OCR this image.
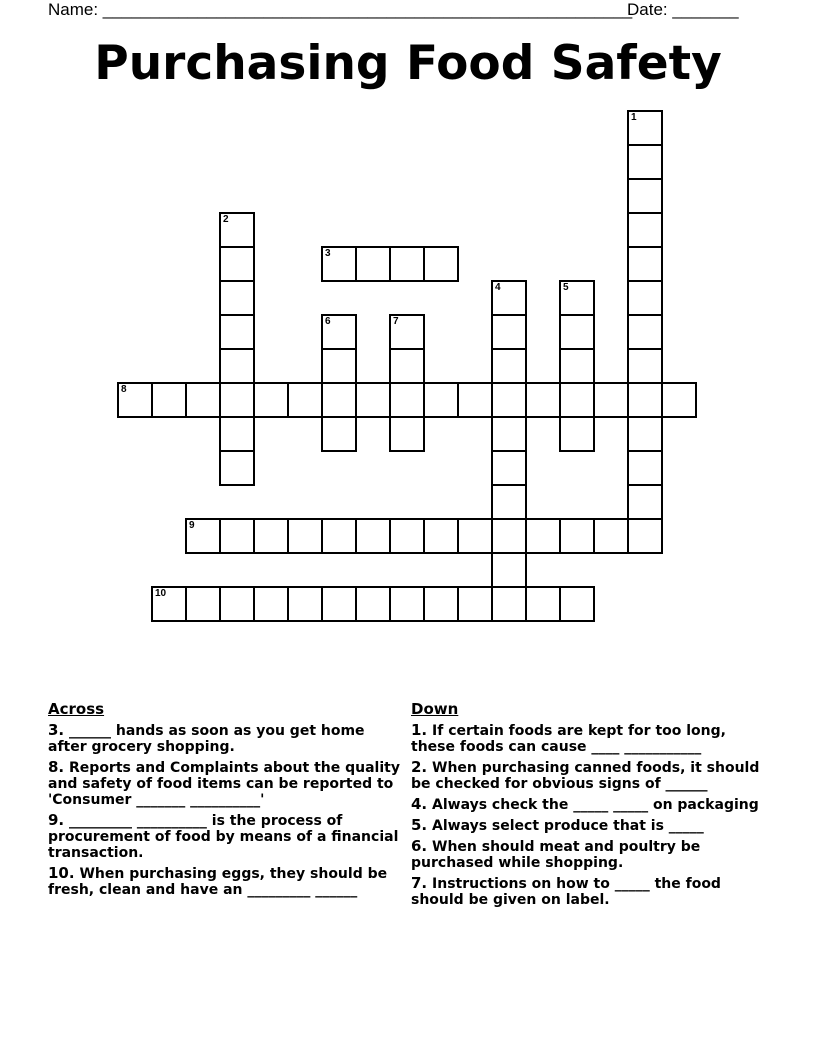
Name: ________________________________________________________
Date: _______
Purchasing Food Safety
1
2
3
4	5
6	7
8
9
10
Across
3. ______ hands as soon as you get home after grocery shopping.
8. Reports and Complaints about the quality and safety of food items can be reported to 'Consumer _______ __________'
9. _________ __________ is the process of procurement of food by means of a financial transaction.
10. When purchasing eggs, they should be fresh, clean and have an _________ ______
Down
1. If certain foods are kept for too long, these foods can cause ____ ___________
2. When purchasing canned foods, it should be checked for obvious signs of ______
4. Always check the _____ _____ on packaging
5. Always select produce that is _____
6. When should meat and poultry be purchased while shopping.
7. Instructions on how to _____ the food should be given on label.
